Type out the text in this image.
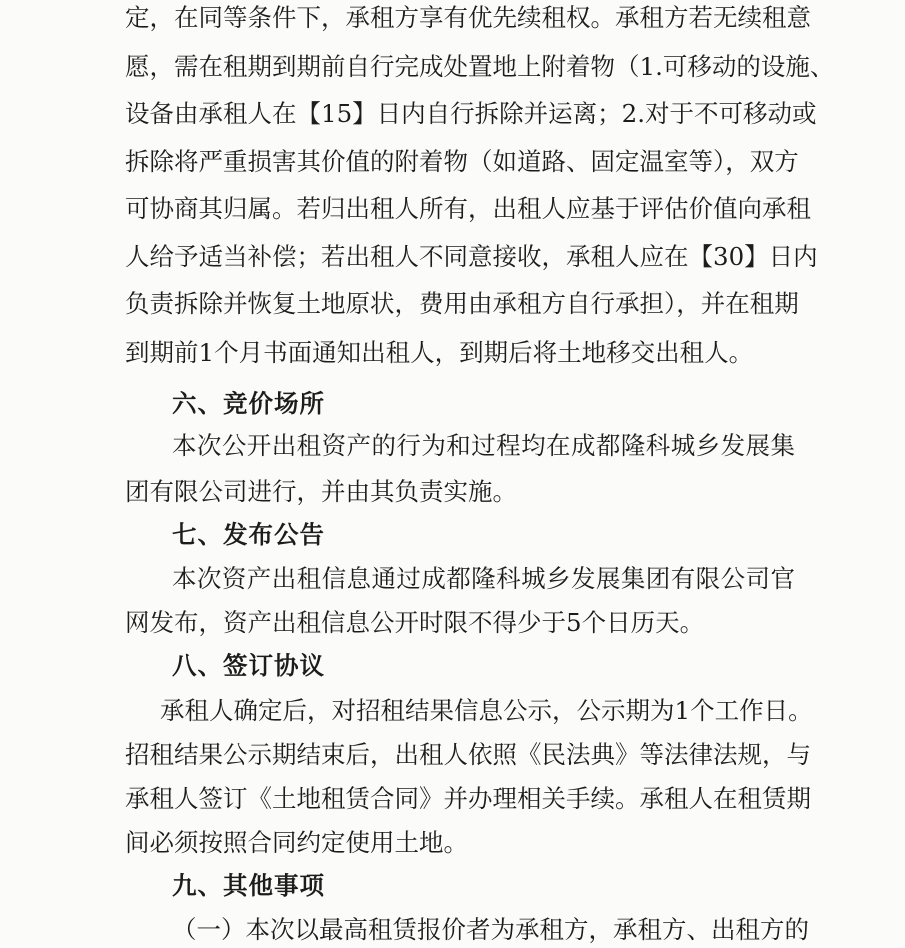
定，在同等条件下，承租方享有优先续租权。承租方若无续租意
愿，需在租期到期前自行完成处置地上附着物（1.可移动的设施、
设备由承租人在【15】日内自行拆除并运离；2.对于不可移动或
拆除将严重损害其价值的附着物（如道路、固定温室等），双方
可协商其归属。若归出租人所有，出租人应基于评估价值向承租
人给予适当补偿；若出租人不同意接收，承租人应在【30】日内
负责拆除并恢复土地原状，费用由承租方自行承担），并在租期
到期前1个月书面通知出租人，到期后将土地移交出租人。
六、竞价场所
本次公开出租资产的行为和过程均在成都隆科城乡发展集
团有限公司进行，并由其负责实施。
七、发布公告
本次资产出租信息通过成都隆科城乡发展集团有限公司官
网发布，资产出租信息公开时限不得少于5个日历天。
八、签订协议
承租人确定后，对招租结果信息公示，公示期为1个工作日。
招租结果公示期结束后，出租人依照《民法典》等法律法规，与
承租人签订《土地租赁合同》并办理相关手续。承租人在租赁期
间必须按照合同约定使用土地。
九、其他事项
（一）本次以最高租赁报价者为承租方，承租方、出租方的
